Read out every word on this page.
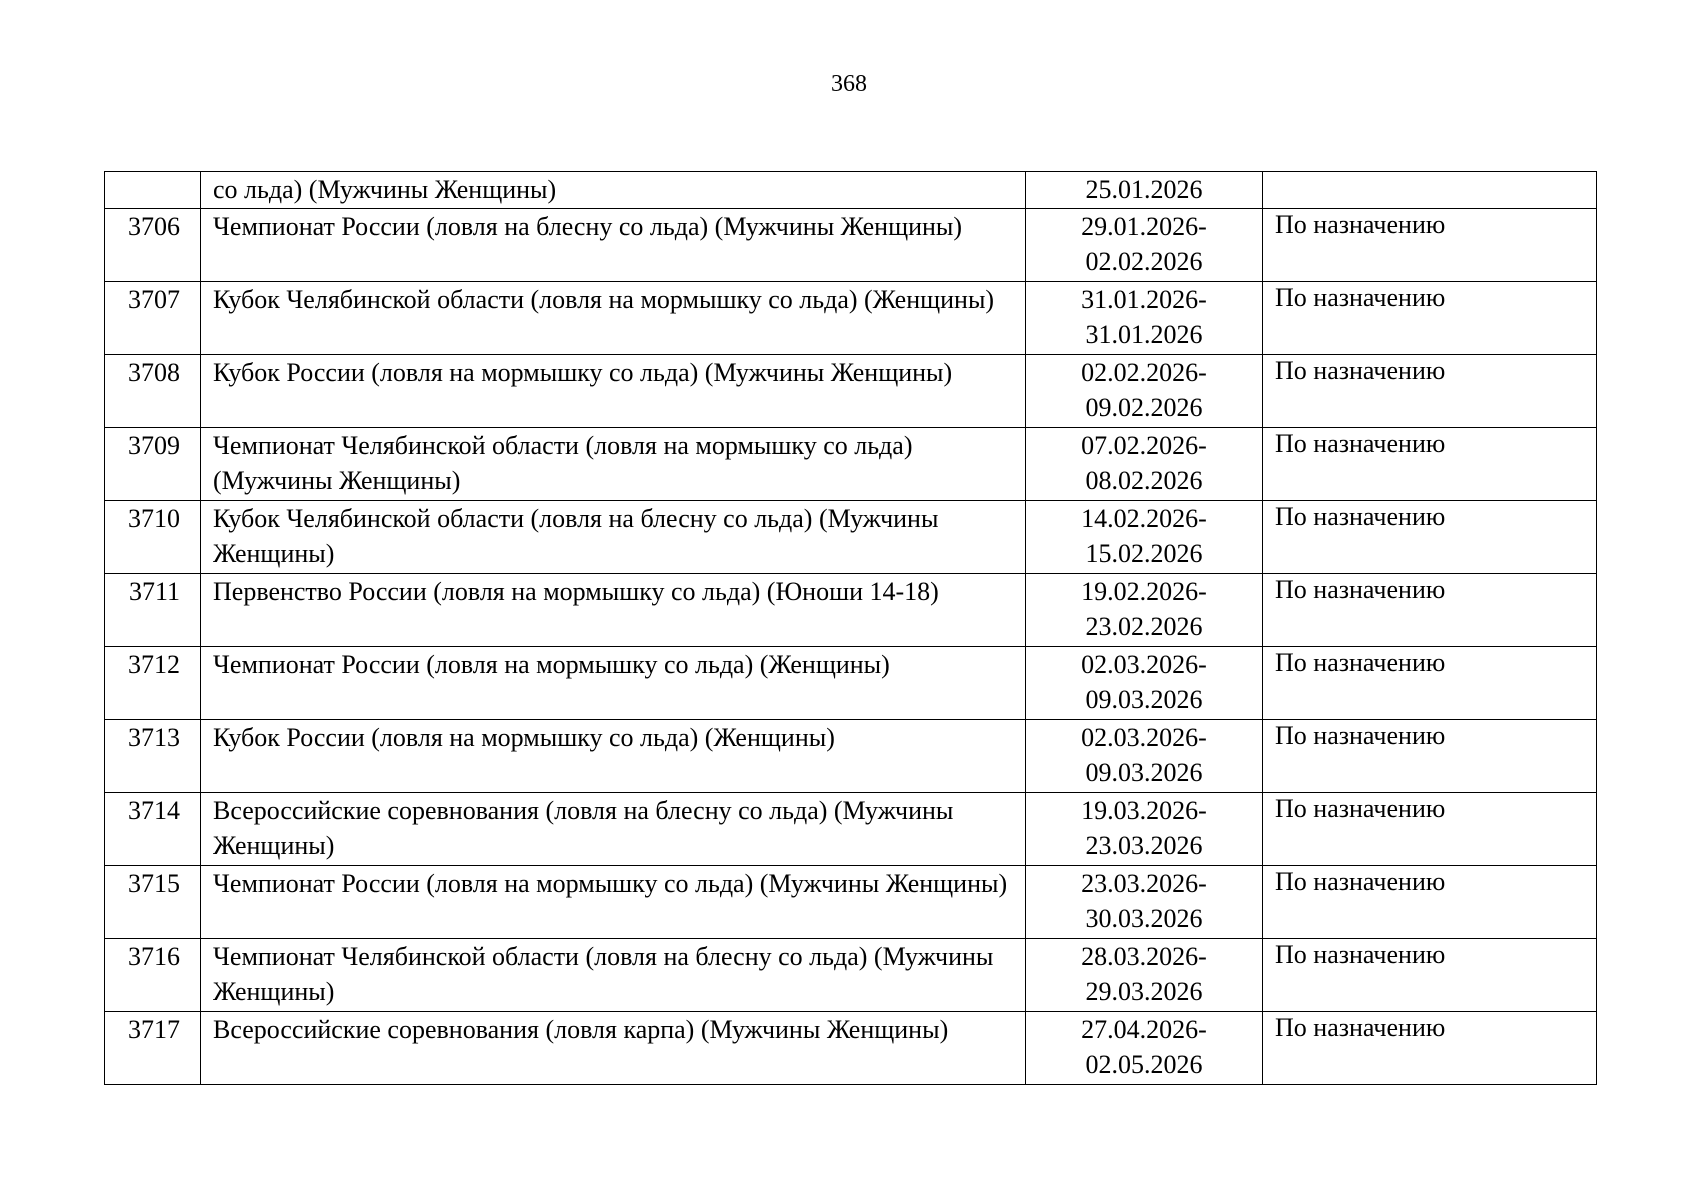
368
	со льда) (Мужчины Женщины)	25.01.2026	
3706	Чемпионат России (ловля на блесну со льда) (Мужчины Женщины)	29.01.2026-
02.02.2026	По назначению

3707	Кубок Челябинской области (ловля на мормышку со льда) (Женщины)	31.01.2026-
31.01.2026	По назначению

3708	Кубок России (ловля на мормышку со льда) (Мужчины Женщины)	02.02.2026-
09.02.2026	По назначению

3709	Чемпионат Челябинской области (ловля на мормышку со льда) (Мужчины Женщины)	07.02.2026-
08.02.2026	По назначению

3710	Кубок Челябинской области (ловля на блесну со льда) (Мужчины Женщины)	14.02.2026-
15.02.2026	По назначению

3711	Первенство России (ловля на мормышку со льда) (Юноши 14-18)	19.02.2026-
23.02.2026	По назначению

3712	Чемпионат России (ловля на мормышку со льда) (Женщины)	02.03.2026-
09.03.2026	По назначению

3713	Кубок России (ловля на мормышку со льда) (Женщины)	02.03.2026-
09.03.2026	По назначению

3714	Всероссийские соревнования (ловля на блесну со льда) (Мужчины Женщины)	19.03.2026-
23.03.2026	По назначению

3715	Чемпионат России (ловля на мормышку со льда) (Мужчины Женщины)	23.03.2026-
30.03.2026	По назначению

3716	Чемпионат Челябинской области (ловля на блесну со льда) (Мужчины Женщины)	28.03.2026-
29.03.2026	По назначению

3717	Всероссийские соревнования (ловля карпа) (Мужчины Женщины)	27.04.2026-
02.05.2026	По назначению
